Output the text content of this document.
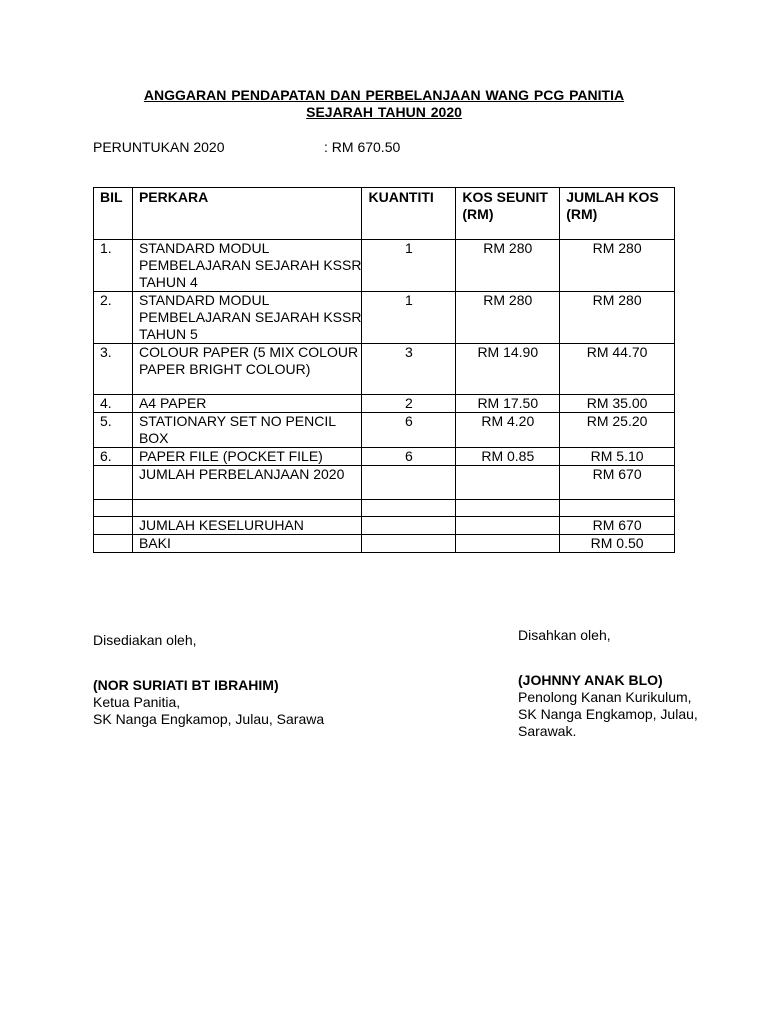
ANGGARAN PENDAPATAN DAN PERBELANJAAN WANG PCG PANITIA
SEJARAH TAHUN 2020
PERUNTUKAN 2020	: RM 670.50
BIL	PERKARA	KUANTITI	KOS SEUNIT (RM)	JUMLAH KOS (RM)
1.	STANDARD MODUL PEMBELAJARAN SEJARAH KSSR TAHUN 4	1	RM 280	RM 280
2.	STANDARD MODUL PEMBELAJARAN SEJARAH KSSR TAHUN 5	1	RM 280	RM 280
3.	COLOUR PAPER (5 MIX COLOUR PAPER BRIGHT COLOUR)	3	RM 14.90	RM 44.70
4.	A4 PAPER	2	RM 17.50	RM 35.00
5.	STATIONARY SET NO PENCIL BOX	6	RM 4.20	RM 25.20
6.	PAPER FILE (POCKET FILE)	6	RM 0.85	RM 5.10
	JUMLAH PERBELANJAAN 2020			RM 670

	JUMLAH KESELURUHAN			RM 670
	BAKI			RM 0.50
Disediakan oleh,
(NOR SURIATI BT IBRAHIM)
Ketua Panitia,
SK Nanga Engkamop, Julau, Sarawa
Disahkan oleh,
(JOHNNY ANAK BLO)
Penolong Kanan Kurikulum,
SK Nanga Engkamop, Julau, Sarawak.
